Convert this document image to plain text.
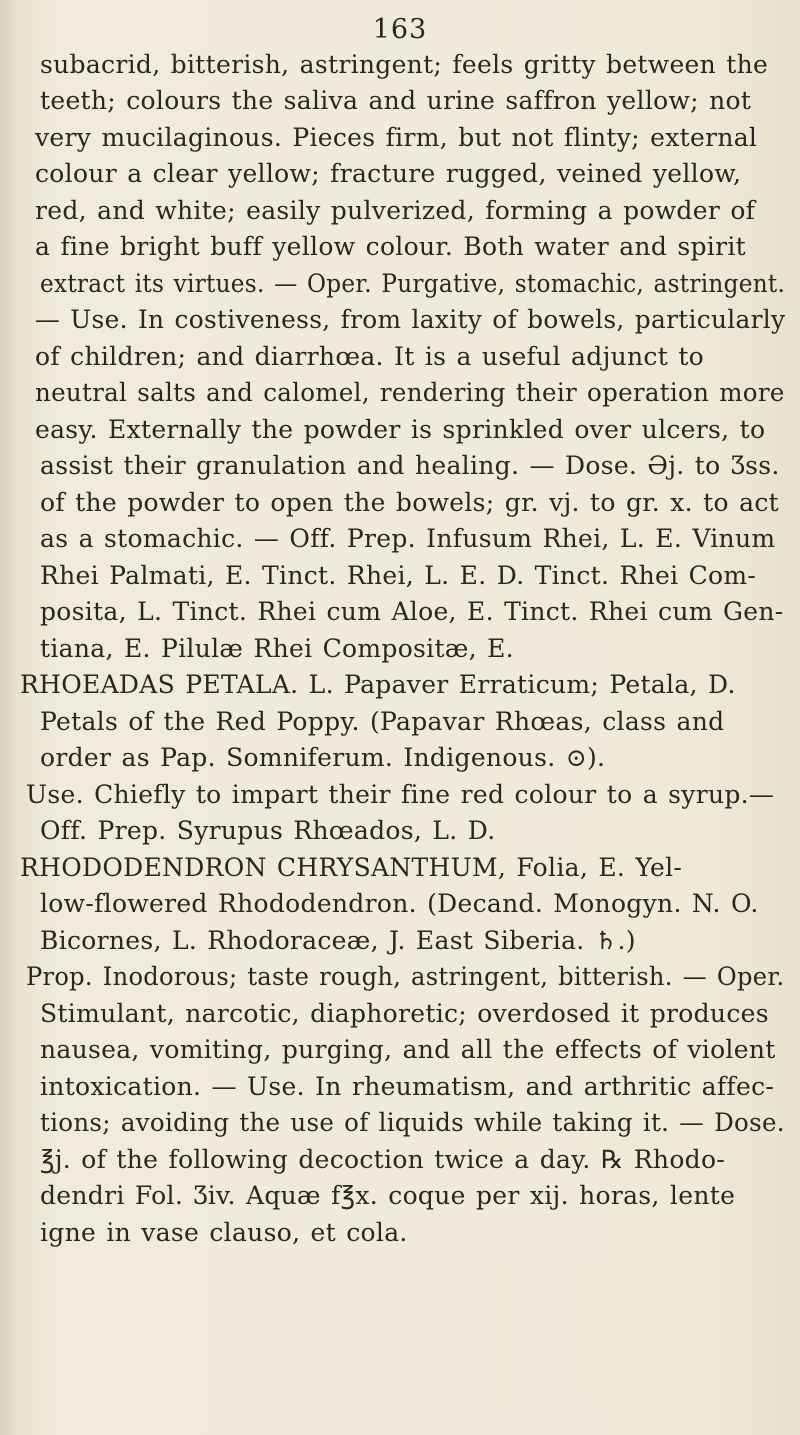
163
subacrid, bitterish, astringent; feels gritty between the
teeth; colours the saliva and urine saffron yellow; not
very mucilaginous. Pieces firm, but not flinty; external
colour a clear yellow; fracture rugged, veined yellow,
red, and white; easily pulverized, forming a powder of
a fine bright buff yellow colour. Both water and spirit
extract its virtues. — Oper. Purgative, stomachic, astringent.
— Use. In costiveness, from laxity of bowels, particularly
of children; and diarrhœa. It is a useful adjunct to
neutral salts and calomel, rendering their operation more
easy. Externally the powder is sprinkled over ulcers, to
assist their granulation and healing. — Dose. Əj. to Ʒss.
of the powder to open the bowels; gr. vj. to gr. x. to act
as a stomachic. — Off. Prep. Infusum Rhei, L. E. Vinum
Rhei Palmati, E. Tinct. Rhei, L. E. D. Tinct. Rhei Com-
posita, L. Tinct. Rhei cum Aloe, E. Tinct. Rhei cum Gen-
tiana, E. Pilulæ Rhei Compositæ, E.
RHOEADAS PETALA. L. Papaver Erraticum; Petala, D.
Petals of the Red Poppy. (Papavar Rhœas, class and
order as Pap. Somniferum. Indigenous. ⊙).
Use. Chiefly to impart their fine red colour to a syrup.—
Off. Prep. Syrupus Rhœados, L. D.
RHODODENDRON CHRYSANTHUM, Folia, E. Yel-
low-flowered Rhododendron. (Decand. Monogyn. N. O.
Bicornes, L. Rhodoraceæ, J. East Siberia. ♄.)
Prop. Inodorous; taste rough, astringent, bitterish. — Oper.
Stimulant, narcotic, diaphoretic; overdosed it produces
nausea, vomiting, purging, and all the effects of violent
intoxication. — Use. In rheumatism, and arthritic affec-
tions; avoiding the use of liquids while taking it. — Dose.
℥j. of the following decoction twice a day. ℞ Rhodo-
dendri Fol. Ʒiv. Aquæ f℥x. coque per xij. horas, lente
igne in vase clauso, et cola.
